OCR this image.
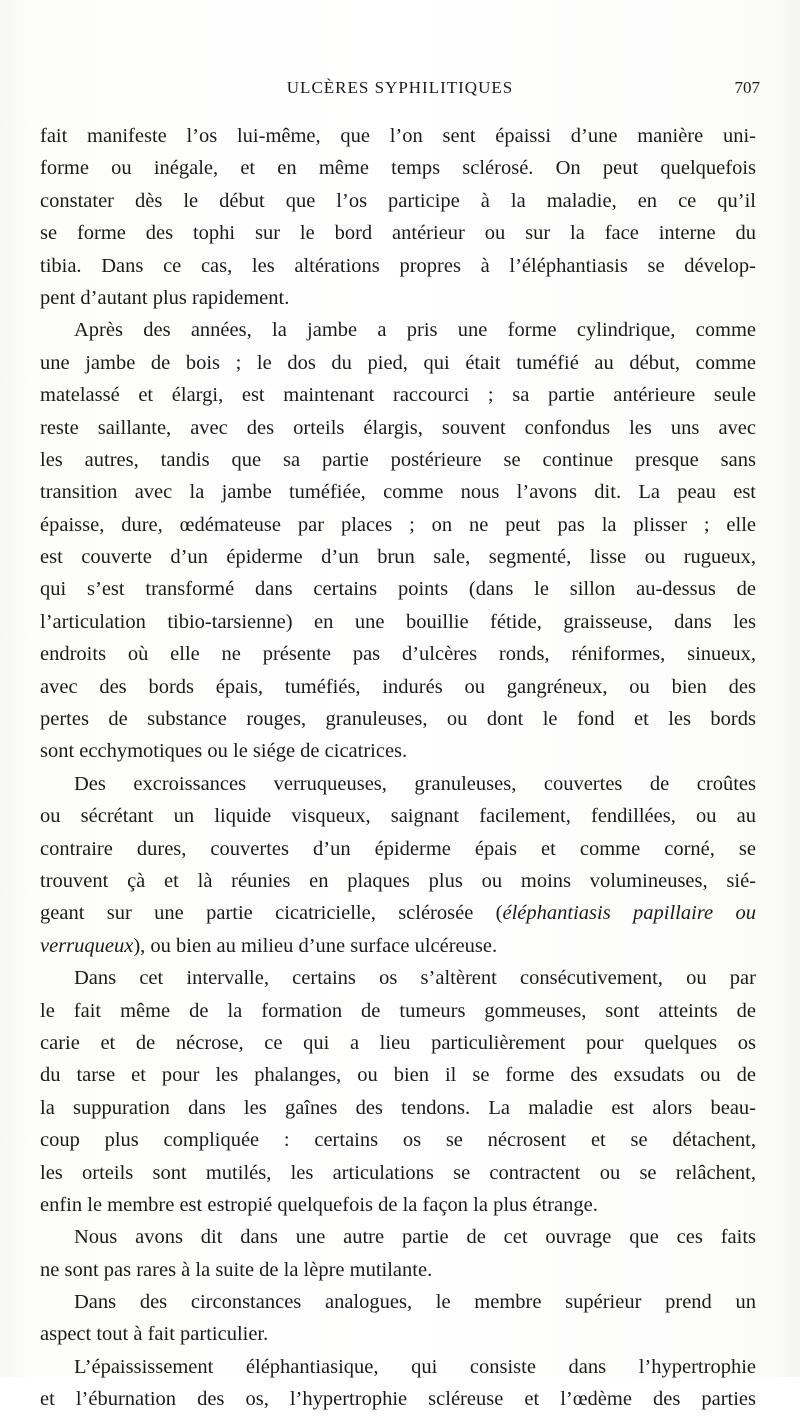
ULCÈRES SYPHILITIQUES	707
fait manifeste l’os lui-même, que l’on sent épaissi d’une manière uni-
forme ou inégale, et en même temps sclérosé. On peut quelquefois
constater dès le début que l’os participe à la maladie, en ce qu’il
se forme des tophi sur le bord antérieur ou sur la face interne du
tibia. Dans ce cas, les altérations propres à l’éléphantiasis se dévelop-
pent d’autant plus rapidement.
Après des années, la jambe a pris une forme cylindrique, comme
une jambe de bois ; le dos du pied, qui était tuméfié au début, comme
matelassé et élargi, est maintenant raccourci ; sa partie antérieure seule
reste saillante, avec des orteils élargis, souvent confondus les uns avec
les autres, tandis que sa partie postérieure se continue presque sans
transition avec la jambe tuméfiée, comme nous l’avons dit. La peau est
épaisse, dure, œdémateuse par places ; on ne peut pas la plisser ; elle
est couverte d’un épiderme d’un brun sale, segmenté, lisse ou rugueux,
qui s’est transformé dans certains points (dans le sillon au-dessus de
l’articulation tibio-tarsienne) en une bouillie fétide, graisseuse, dans les
endroits où elle ne présente pas d’ulcères ronds, réniformes, sinueux,
avec des bords épais, tuméfiés, indurés ou gangréneux, ou bien des
pertes de substance rouges, granuleuses, ou dont le fond et les bords
sont ecchymotiques ou le siége de cicatrices.
Des excroissances verruqueuses, granuleuses, couvertes de croûtes
ou sécrétant un liquide visqueux, saignant facilement, fendillées, ou au
contraire dures, couvertes d’un épiderme épais et comme corné, se
trouvent çà et là réunies en plaques plus ou moins volumineuses, sié-
geant sur une partie cicatricielle, sclérosée (éléphantiasis papillaire ou
verruqueux), ou bien au milieu d’une surface ulcéreuse.
Dans cet intervalle, certains os s’altèrent consécutivement, ou par
le fait même de la formation de tumeurs gommeuses, sont atteints de
carie et de nécrose, ce qui a lieu particulièrement pour quelques os
du tarse et pour les phalanges, ou bien il se forme des exsudats ou de
la suppuration dans les gaînes des tendons. La maladie est alors beau-
coup plus compliquée : certains os se nécrosent et se détachent,
les orteils sont mutilés, les articulations se contractent ou se relâchent,
enfin le membre est estropié quelquefois de la façon la plus étrange.
Nous avons dit dans une autre partie de cet ouvrage que ces faits
ne sont pas rares à la suite de la lèpre mutilante.
Dans des circonstances analogues, le membre supérieur prend un
aspect tout à fait particulier.
L’épaississement éléphantiasique, qui consiste dans l’hypertrophie
et l’éburnation des os, l’hypertrophie scléreuse et l’œdème des parties
